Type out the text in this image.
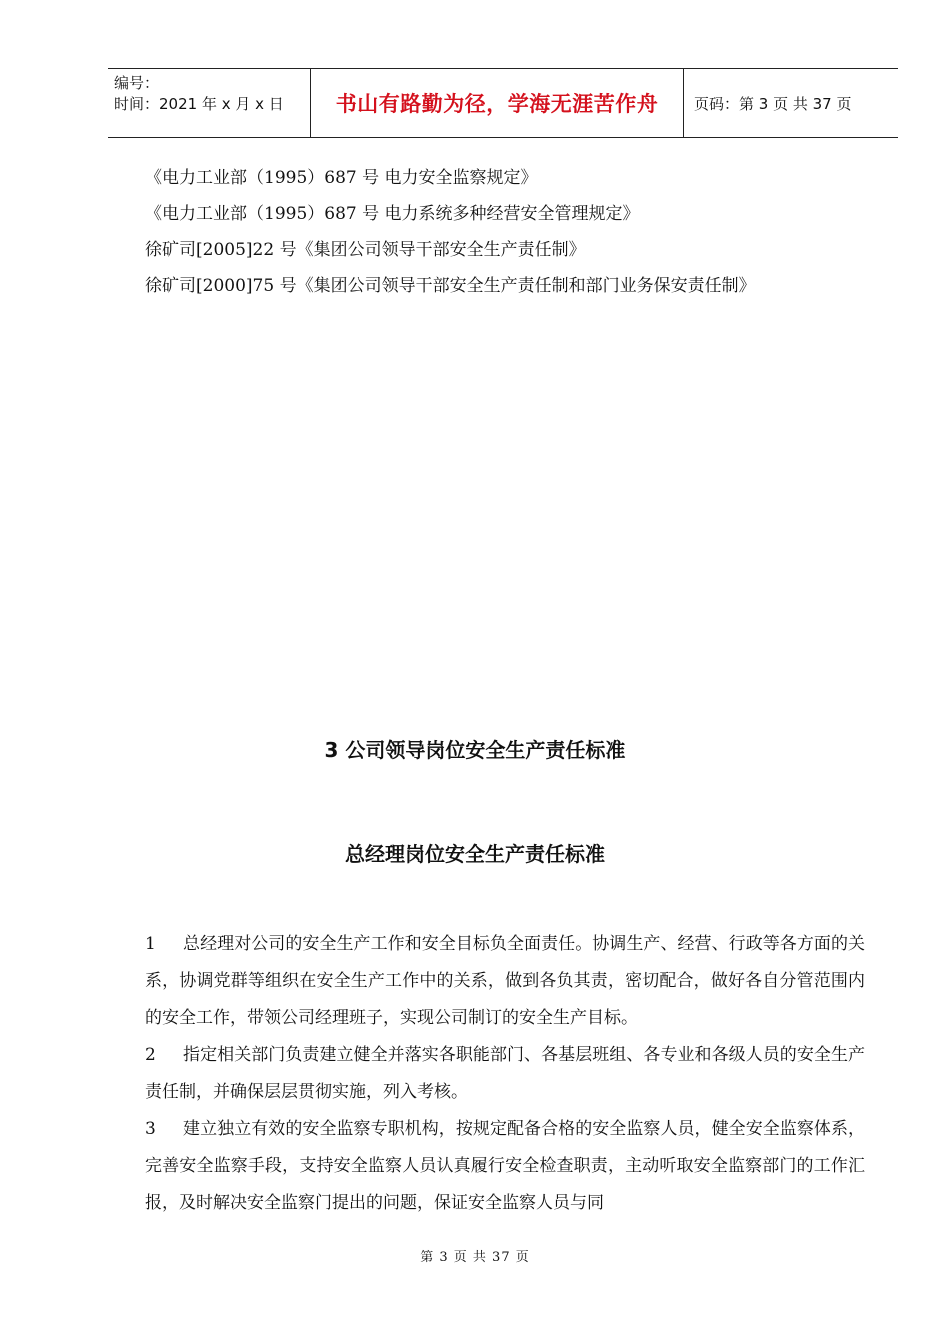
编号：
时间：2021 年 x 月 x 日	书山有路勤为径，学海无涯苦作舟 页码：第 3 页 共 37 页
《电力工业部（1995）687 号 电力安全监察规定》
《电力工业部（1995）687 号 电力系统多种经营安全管理规定》
徐矿司[2005]22 号《集团公司领导干部安全生产责任制》
徐矿司[2000]75 号《集团公司领导干部安全生产责任制和部门业务保安责任制》
3 公司领导岗位安全生产责任标准
总经理岗位安全生产责任标准
1 总经理对公司的安全生产工作和安全目标负全面责任。协调生产、经营、行政等各方面的关系，协调党群等组织在安全生产工作中的关系，做到各负其责，密切配合，做好各自分管范围内的安全工作，带领公司经理班子，实现公司制订的安全生产目标。
2 指定相关部门负责建立健全并落实各职能部门、各基层班组、各专业和各级人员的安全生产责任制，并确保层层贯彻实施，列入考核。
3 建立独立有效的安全监察专职机构，按规定配备合格的安全监察人员，健全安全监察体系，完善安全监察手段，支持安全监察人员认真履行安全检查职责，主动听取安全监察部门的工作汇报，及时解决安全监察门提出的问题，保证安全监察人员与同
第 3 页 共 37 页
